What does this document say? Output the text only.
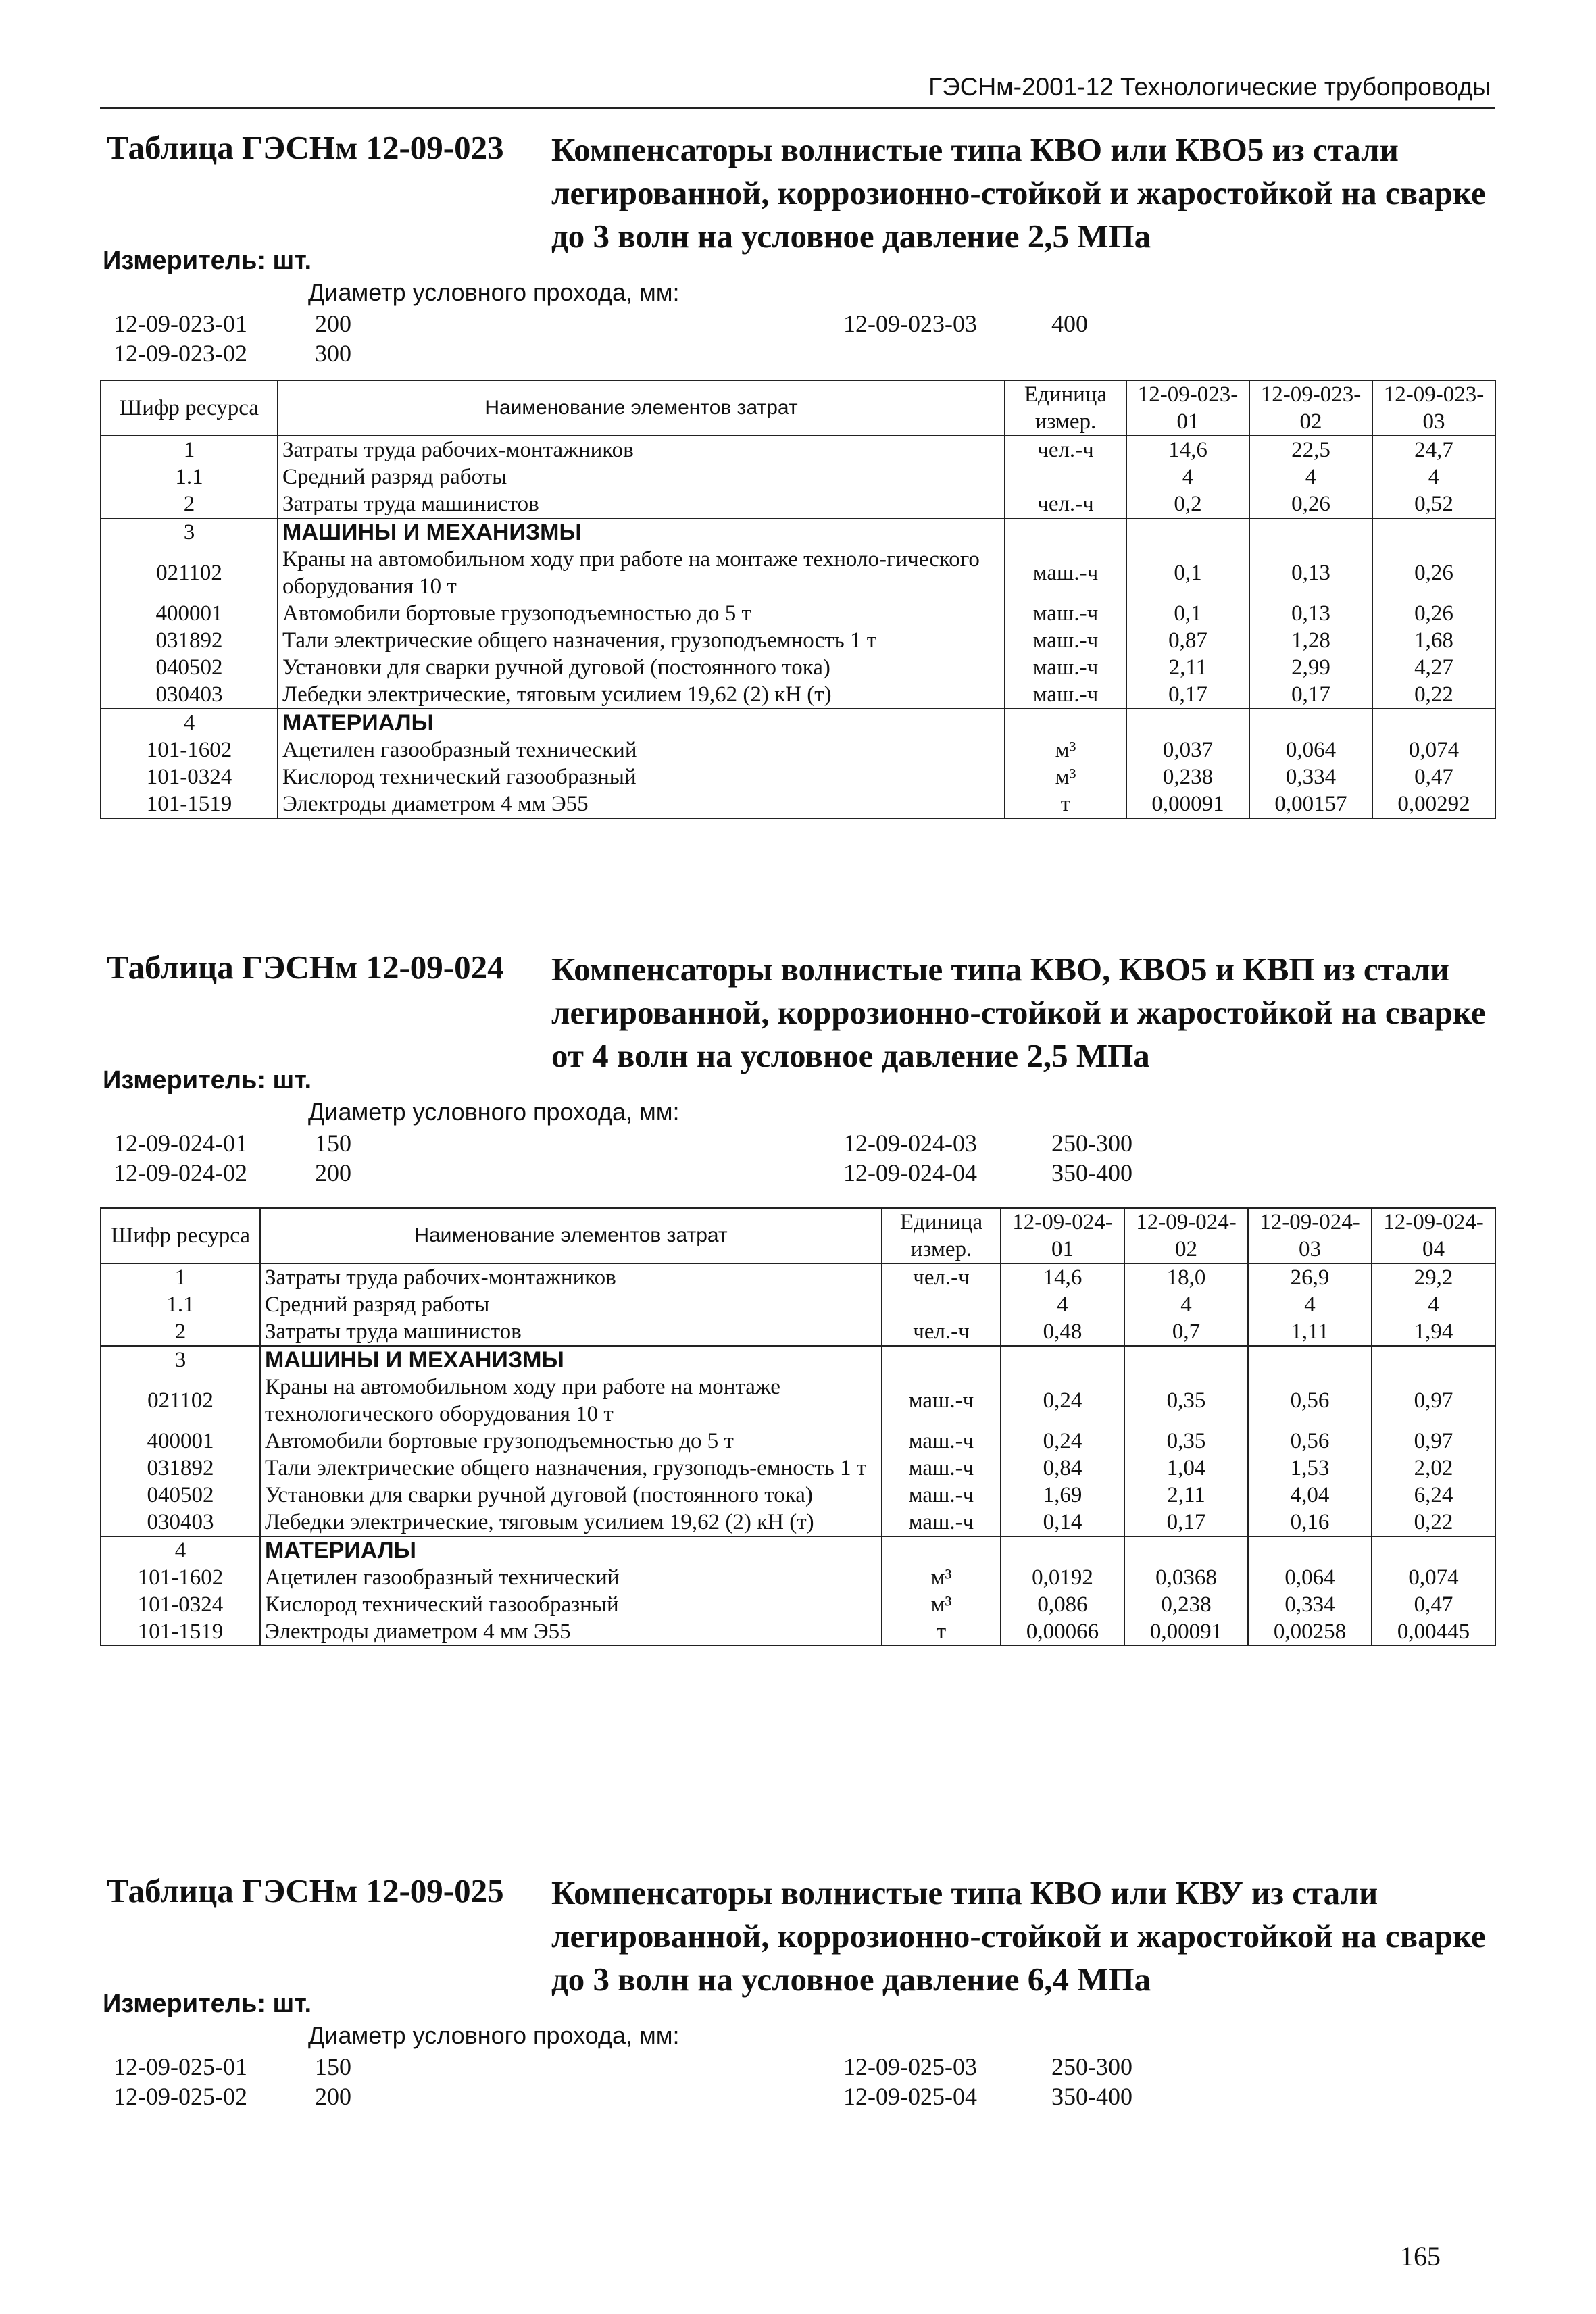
ГЭСНм-2001-12 Технологические трубопроводы
Таблица ГЭСНм 12-09-023 Компенсаторы волнистые типа КВО или КВО5 из стали легированной, коррозионно-стойкой и жаростойкой на сварке до 3 волн на условное давление 2,5 МПа
Измеритель: шт.
Диаметр условного прохода, мм:
12-09-023-01	200
12-09-023-02	300
12-09-023-03	400
Шифр ресурса	Наименование элементов затрат	Единица измер.	12-09-023-01	12-09-023-02	12-09-023-03
1	Затраты труда рабочих-монтажников	чел.-ч	14,6	22,5	24,7
1.1	Средний разряд работы		4	4	4
2	Затраты труда машинистов	чел.-ч	0,2	0,26	0,52
3	МАШИНЫ И МЕХАНИЗМЫ				
021102	Краны на автомобильном ходу при работе на монтаже техноло-гического оборудования 10 т	маш.-ч	0,1	0,13	0,26
400001	Автомобили бортовые грузоподъемностью до 5 т	маш.-ч	0,1	0,13	0,26
031892	Тали электрические общего назначения, грузоподъемность 1 т	маш.-ч	0,87	1,28	1,68
040502	Установки для сварки ручной дуговой (постоянного тока)	маш.-ч	2,11	2,99	4,27
030403	Лебедки электрические, тяговым усилием 19,62 (2) кН (т)	маш.-ч	0,17	0,17	0,22
4	МАТЕРИАЛЫ				
101-1602	Ацетилен газообразный технический	м³	0,037	0,064	0,074
101-0324	Кислород технический газообразный	м³	0,238	0,334	0,47
101-1519	Электроды диаметром 4 мм Э55	т	0,00091	0,00157	0,00292
Таблица ГЭСНм 12-09-024 Компенсаторы волнистые типа КВО, КВО5 и КВП из стали легированной, коррозионно-стойкой и жаростойкой на сварке от 4 волн на условное давление 2,5 МПа
Измеритель: шт.
Диаметр условного прохода, мм:
12-09-024-01	150
12-09-024-02	200
12-09-024-03	250-300
12-09-024-04	350-400
Шифр ресурса	Наименование элементов затрат	Единица измер.	12-09-024-01	12-09-024-02	12-09-024-03	12-09-024-04
1	Затраты труда рабочих-монтажников	чел.-ч	14,6	18,0	26,9	29,2
1.1	Средний разряд работы		4	4	4	4
2	Затраты труда машинистов	чел.-ч	0,48	0,7	1,11	1,94
3	МАШИНЫ И МЕХАНИЗМЫ					
021102	Краны на автомобильном ходу при работе на монтаже технологического оборудования 10 т	маш.-ч	0,24	0,35	0,56	0,97
400001	Автомобили бортовые грузоподъемностью до 5 т	маш.-ч	0,24	0,35	0,56	0,97
031892	Тали электрические общего назначения, грузоподъ-емность 1 т	маш.-ч	0,84	1,04	1,53	2,02
040502	Установки для сварки ручной дуговой (постоянного тока)	маш.-ч	1,69	2,11	4,04	6,24
030403	Лебедки электрические, тяговым усилием 19,62 (2) кН (т)	маш.-ч	0,14	0,17	0,16	0,22
4	МАТЕРИАЛЫ					
101-1602	Ацетилен газообразный технический	м³	0,0192	0,0368	0,064	0,074
101-0324	Кислород технический газообразный	м³	0,086	0,238	0,334	0,47
101-1519	Электроды диаметром 4 мм Э55	т	0,00066	0,00091	0,00258	0,00445
Таблица ГЭСНм 12-09-025 Компенсаторы волнистые типа КВО или КВУ из стали легированной, коррозионно-стойкой и жаростойкой на сварке до 3 волн на условное давление 6,4 МПа
Измеритель: шт.
Диаметр условного прохода, мм:
12-09-025-01	150
12-09-025-02	200
12-09-025-03	250-300
12-09-025-04	350-400
165
